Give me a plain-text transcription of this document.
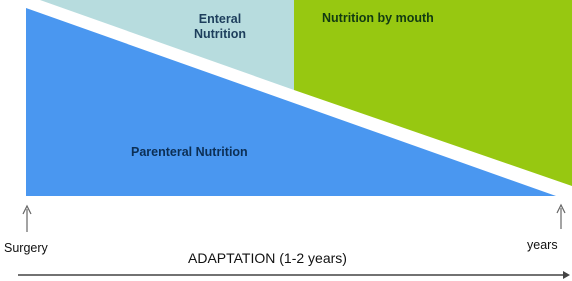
Enteral
Nutrition
Nutrition by mouth
Parenteral Nutrition
Surgery	years
ADAPTATION (1-2 years)
